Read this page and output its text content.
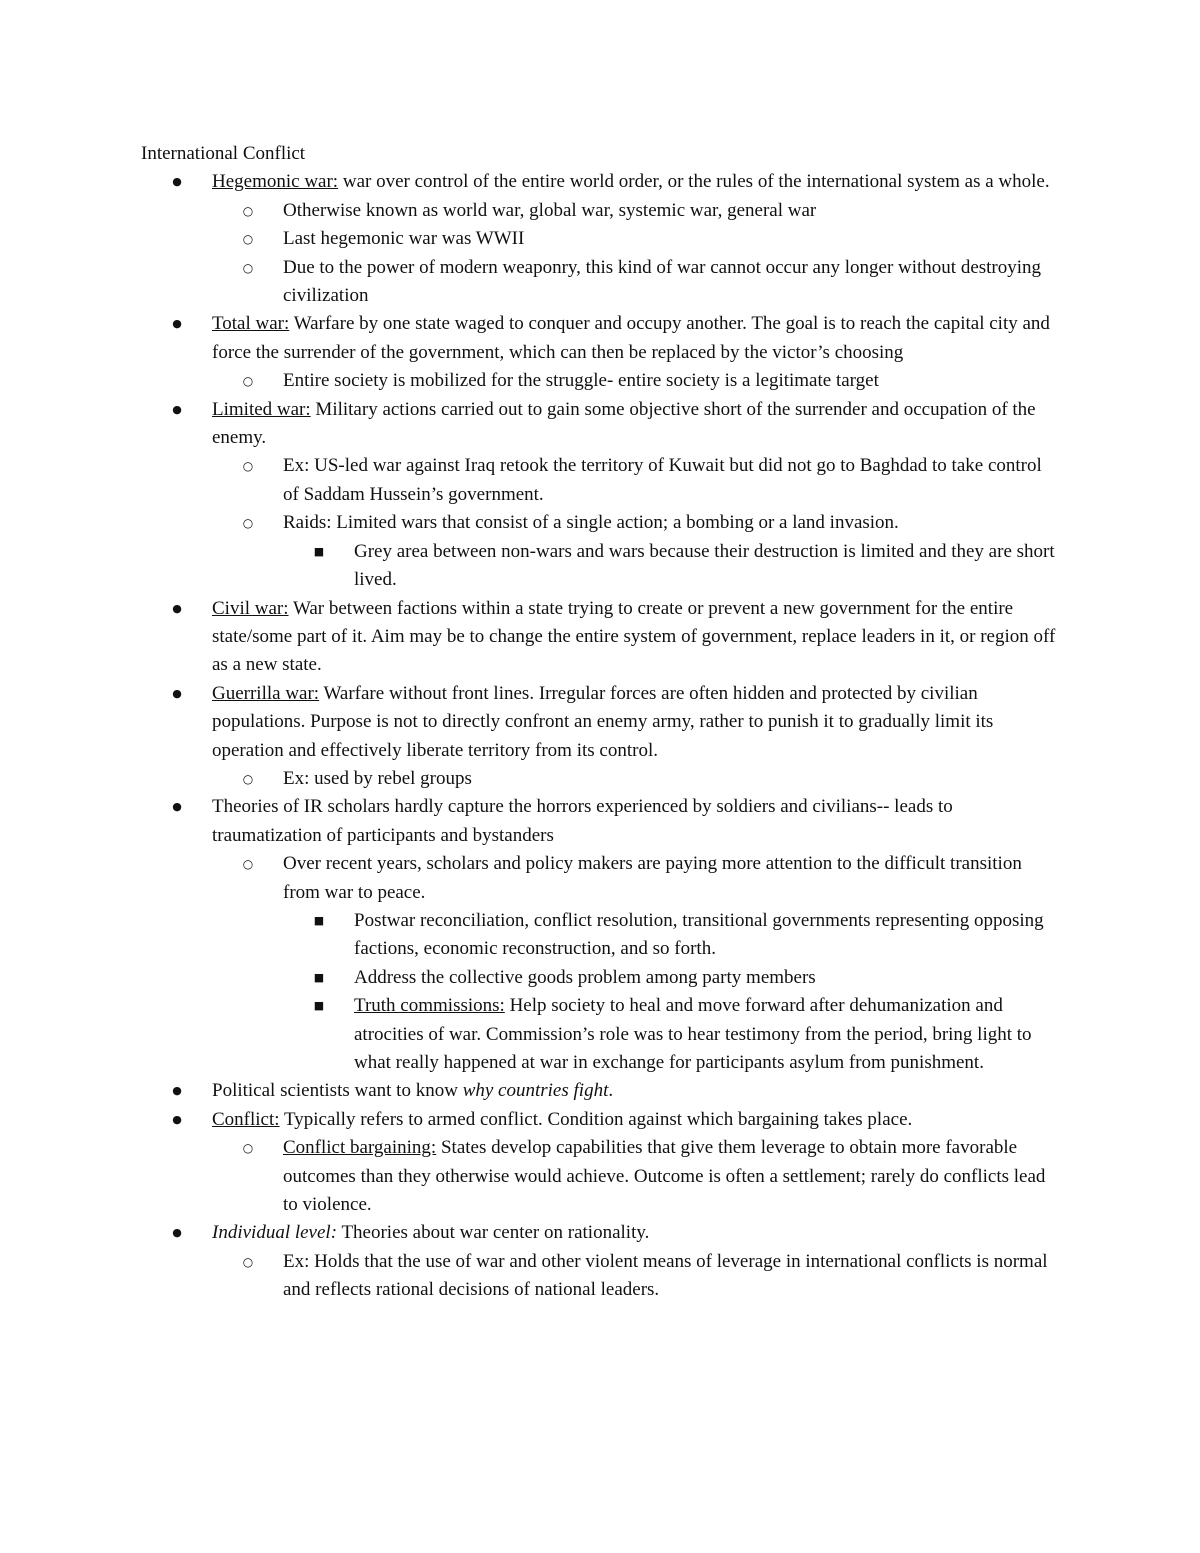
International Conflict

● Hegemonic war: war over control of the entire world order, or the rules of the international system as a whole.
○ Otherwise known as world war, global war, systemic war, general war
○ Last hegemonic war was WWII
○ Due to the power of modern weaponry, this kind of war cannot occur any longer without destroying civilization
● Total war: Warfare by one state waged to conquer and occupy another. The goal is to reach the capital city and force the surrender of the government, which can then be replaced by the victor’s choosing
○ Entire society is mobilized for the struggle- entire society is a legitimate target
● Limited war: Military actions carried out to gain some objective short of the surrender and occupation of the enemy.
○ Ex: US-led war against Iraq retook the territory of Kuwait but did not go to Baghdad to take control of Saddam Hussein’s government.
○ Raids: Limited wars that consist of a single action; a bombing or a land invasion.
■ Grey area between non-wars and wars because their destruction is limited and they are short lived.
● Civil war: War between factions within a state trying to create or prevent a new government for the entire state/some part of it. Aim may be to change the entire system of government, replace leaders in it, or region off as a new state.
● Guerrilla war: Warfare without front lines. Irregular forces are often hidden and protected by civilian populations. Purpose is not to directly confront an enemy army, rather to punish it to gradually limit its operation and effectively liberate territory from its control.
○ Ex: used by rebel groups
● Theories of IR scholars hardly capture the horrors experienced by soldiers and civilians-- leads to traumatization of participants and bystanders
○ Over recent years, scholars and policy makers are paying more attention to the difficult transition from war to peace.
■ Postwar reconciliation, conflict resolution, transitional governments representing opposing factions, economic reconstruction, and so forth.
■ Address the collective goods problem among party members
■ Truth commissions: Help society to heal and move forward after dehumanization and atrocities of war. Commission’s role was to hear testimony from the period, bring light to what really happened at war in exchange for participants asylum from punishment.
● Political scientists want to know why countries fight.
● Conflict: Typically refers to armed conflict. Condition against which bargaining takes place.
○ Conflict bargaining: States develop capabilities that give them leverage to obtain more favorable outcomes than they otherwise would achieve. Outcome is often a settlement; rarely do conflicts lead to violence.
● Individual level: Theories about war center on rationality.
○ Ex: Holds that the use of war and other violent means of leverage in international conflicts is normal and reflects rational decisions of national leaders.
